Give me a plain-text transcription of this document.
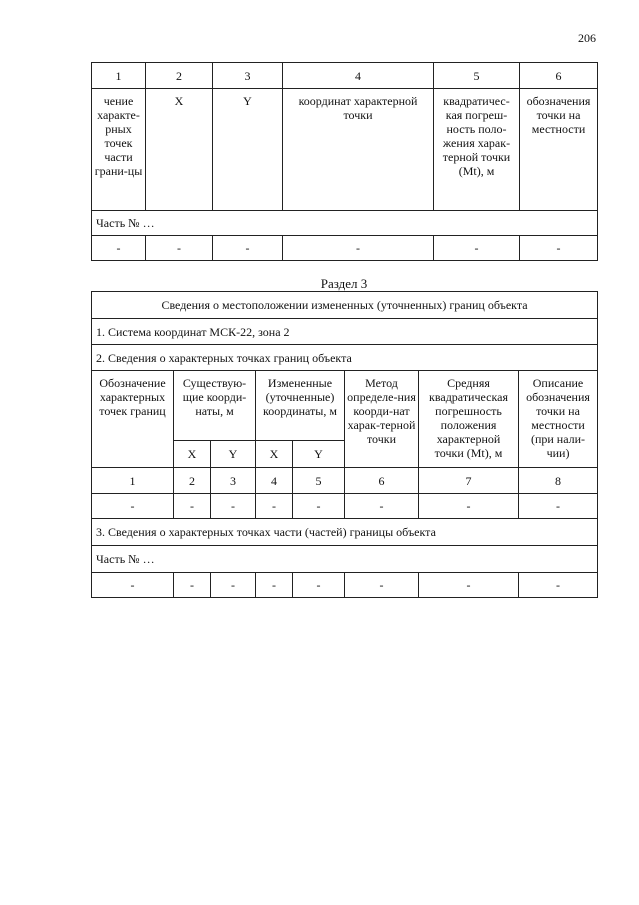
206
1	2	3	4	5	6
чение характе-рных точек части грани-цы	X	Y	координат характерной точки	квадратичес-кая погреш-ность поло-жения харак-терной точки (Mt), м	обозначения точки на местности
Часть № …					
-	-	-	-	-	-
Раздел 3
Сведения о местоположении измененных (уточненных) границ объекта							
1. Система координат МСК-22, зона 2							
2. Сведения о характерных точках границ объекта							
Обозначение характерных точек границ	Существую-щие коорди-наты, м		Измененные (уточненные) координаты, м		Метод определе-ния коорди-нат харак-терной точки	Средняя квадратическая погрешность положения характерной точки (Mt), м	Описание обозначения точки на местности (при нали-чии)
	X	Y	X	Y			
1	2	3	4	5	6	7	8
-	-	-	-	-	-	-	-
3. Сведения о характерных точках части (частей) границы объекта							
Часть № …							
-	-	-	-	-	-	-	-
